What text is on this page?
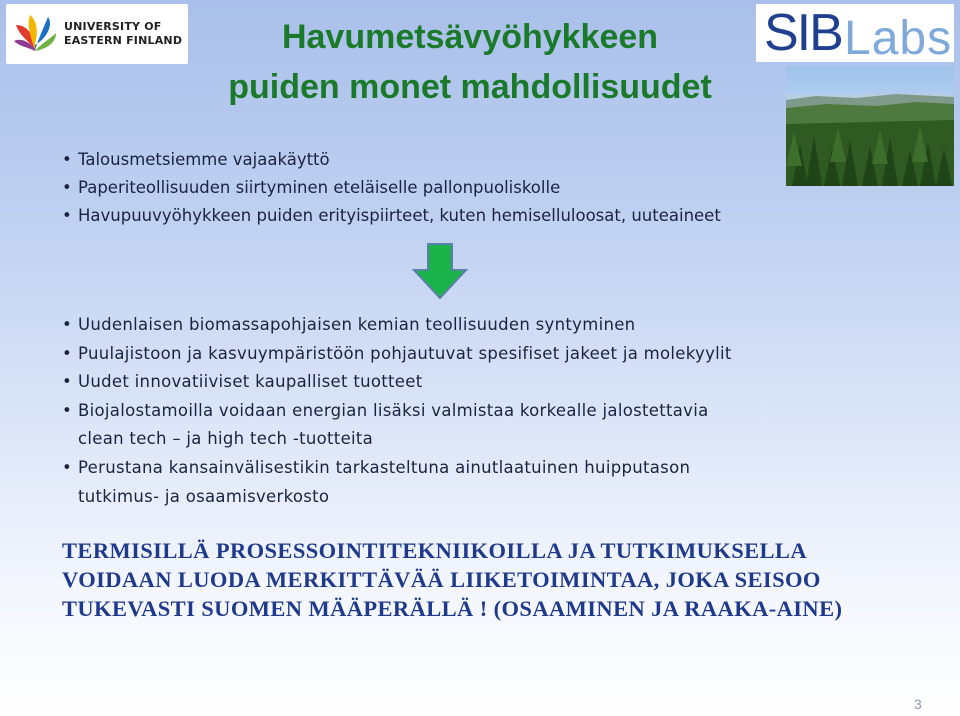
UNIVERSITY OF
EASTERN FINLAND	SIB Labs
Havumetsävyöhykkeen
puiden monet mahdollisuudet
• Talousmetsiemme vajaakäyttö
• Paperiteollisuuden siirtyminen eteläiselle pallonpuoliskolle
• Havupuuvyöhykkeen puiden erityispiirteet, kuten hemiselluloosat, uuteaineet
• Uudenlaisen biomassapohjaisen kemian teollisuuden syntyminen
• Puulajistoon ja kasvuympäristöön pohjautuvat spesifiset jakeet ja molekyylit
• Uudet innovatiiviset kaupalliset tuotteet
• Biojalostamoilla voidaan energian lisäksi valmistaa korkealle jalostettavia
clean tech – ja high tech -tuotteita
• Perustana kansainvälisestikin tarkasteltuna ainutlaatuinen huipputason
tutkimus- ja osaamisverkosto
TERMISILLÄ PROSESSOINTITEKNIIKOILLA JA TUTKIMUKSELLA
VOIDAAN LUODA MERKITTÄVÄÄ LIIKETOIMINTAA, JOKA SEISOO
TUKEVASTI SUOMEN MÄÄPERÄLLÄ ! (OSAAMINEN JA RAAKA-AINE)
3
